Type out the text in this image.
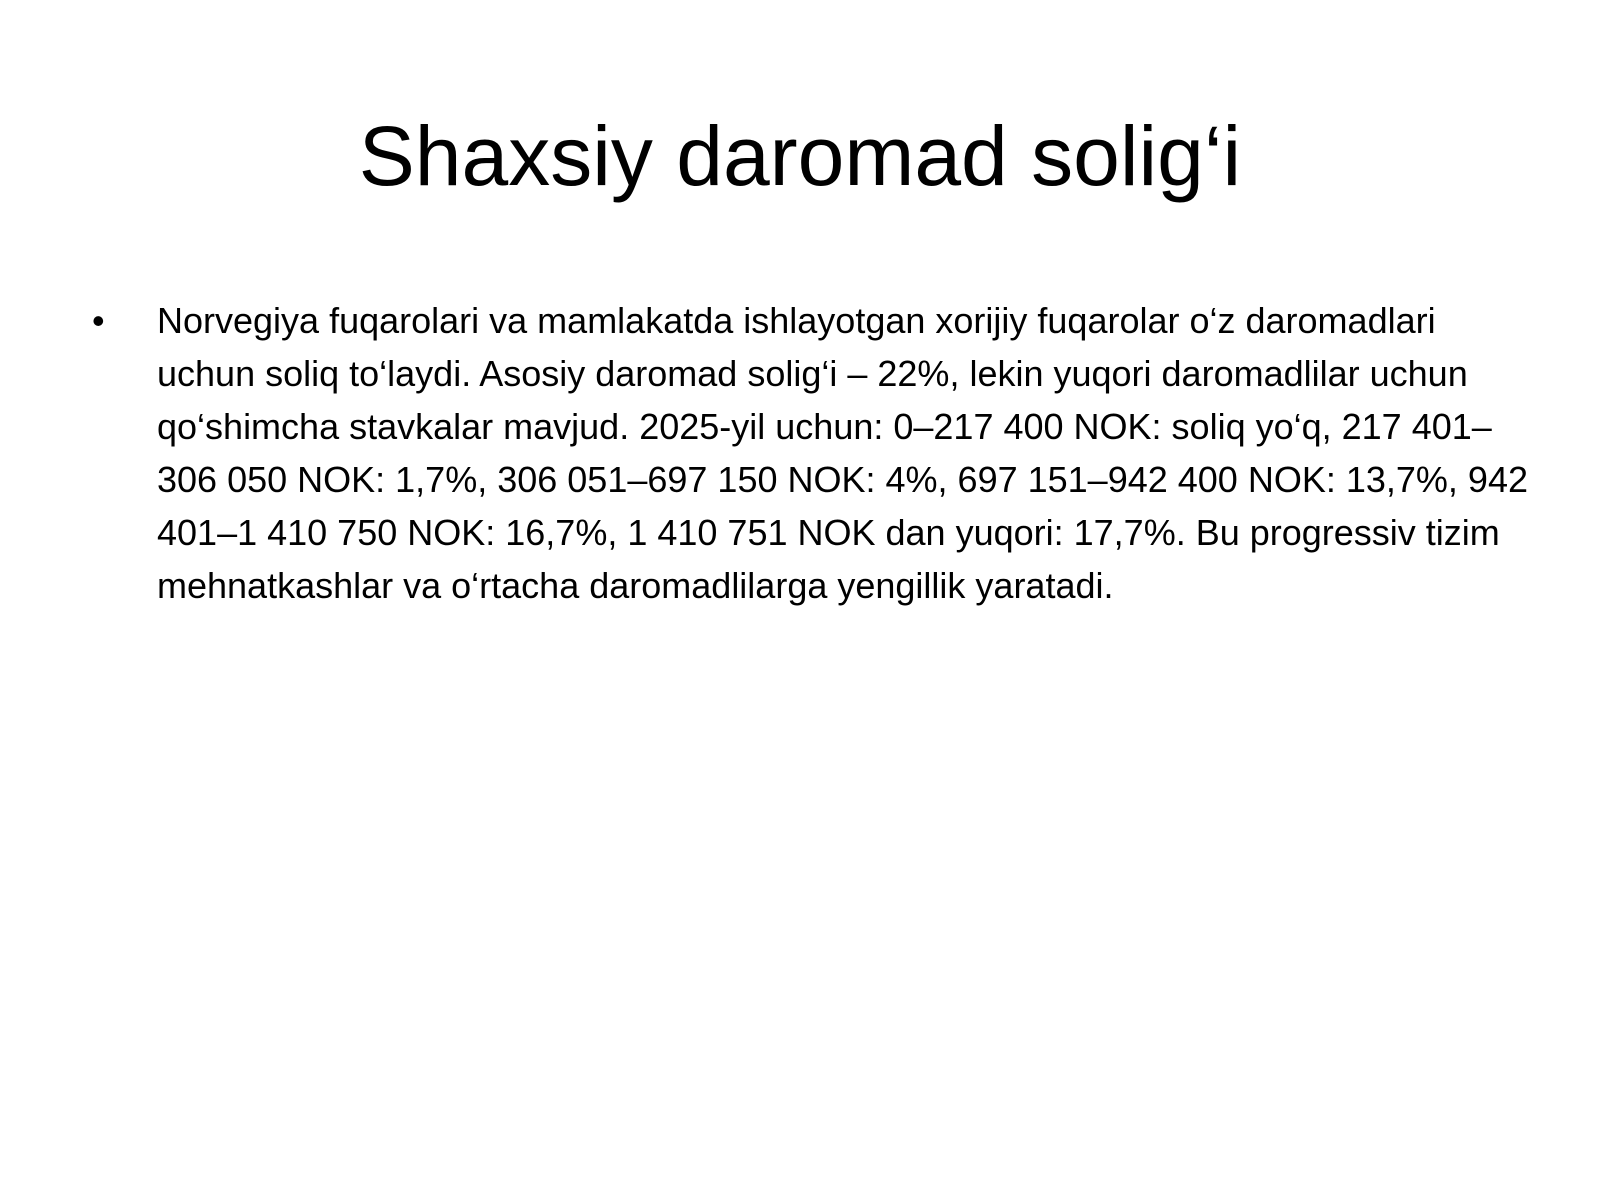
Shaxsiy daromad solig‘i
•	Norvegiya fuqarolari va mamlakatda ishlayotgan xorijiy fuqarolar o‘z daromadlari uchun soliq to‘laydi. Asosiy daromad solig‘i – 22%, lekin yuqori daromadlilar uchun qo‘shimcha stavkalar mavjud. 2025-yil uchun: 0–217 400 NOK: soliq yo‘q, 217 401–306 050 NOK: 1,7%, 306 051–697 150 NOK: 4%, 697 151–942 400 NOK: 13,7%, 942 401–1 410 750 NOK: 16,7%, 1 410 751 NOK dan yuqori: 17,7%. Bu progressiv tizim mehnatkashlar va o‘rtacha daromadlilarga yengillik yaratadi.
